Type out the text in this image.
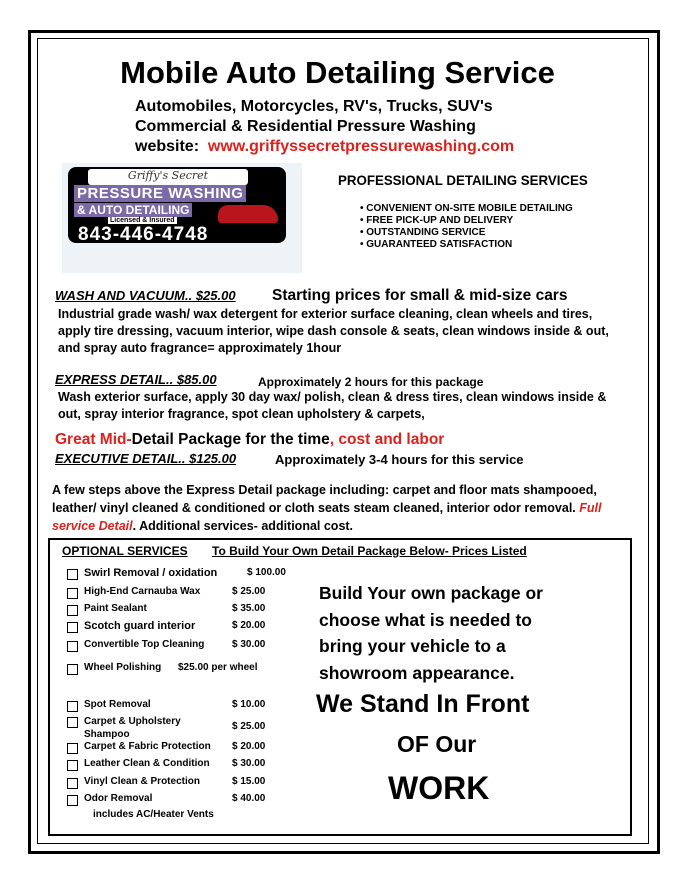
Mobile Auto Detailing Service
Automobiles, Motorcycles, RV's, Trucks, SUV's
Commercial & Residential Pressure Washing
website: www.griffyssecretpressurewashing.com
Griffy's Secret
PRESSURE WASHING
& AUTO DETAILING
Licensed & Insured
843-446-4748
PROFESSIONAL DETAILING SERVICES
• CONVENIENT ON-SITE MOBILE DETAILING
• FREE PICK-UP AND DELIVERY
• OUTSTANDING SERVICE
• GUARANTEED SATISFACTION
WASH AND VACUUM.. $25.00 Starting prices for small & mid-size cars
Industrial grade wash/ wax detergent for exterior surface cleaning, clean wheels and tires, apply tire dressing, vacuum interior, wipe dash console & seats, clean windows inside & out, and spray auto fragrance= approximately 1hour
EXPRESS DETAIL.. $85.00	Approximately 2 hours for this package
Wash exterior surface, apply 30 day wax/ polish, clean & dress tires, clean windows inside & out, spray interior fragrance, spot clean upholstery & carpets,
Great Mid-Detail Package for the time, cost and labor
EXECUTIVE DETAIL.. $125.00	Approximately 3-4 hours for this service
A few steps above the Express Detail package including: carpet and floor mats shampooed, leather/ vinyl cleaned & conditioned or cloth seats steam cleaned, interior odor removal. Full service Detail. Additional services- additional cost.
OPTIONAL SERVICES To Build Your Own Detail Package Below- Prices Listed
Swirl Removal / oxidation	$ 100.00
High-End Carnauba Wax	$ 25.00
Paint Sealant	$ 35.00
Scotch guard interior	$ 20.00
Convertible Top Cleaning	$ 30.00
Wheel Polishing $25.00 per wheel
Spot Removal	$ 10.00
Carpet & Upholstery Shampoo
$ 25.00
Carpet & Fabric Protection $ 20.00
Leather Clean & Condition $ 30.00
Vinyl Clean & Protection	$ 15.00
Odor Removal	$ 40.00
includes AC/Heater Vents
Build Your own package or
choose what is needed to
bring your vehicle to a
showroom appearance.
We Stand In Front
OF Our
WORK
